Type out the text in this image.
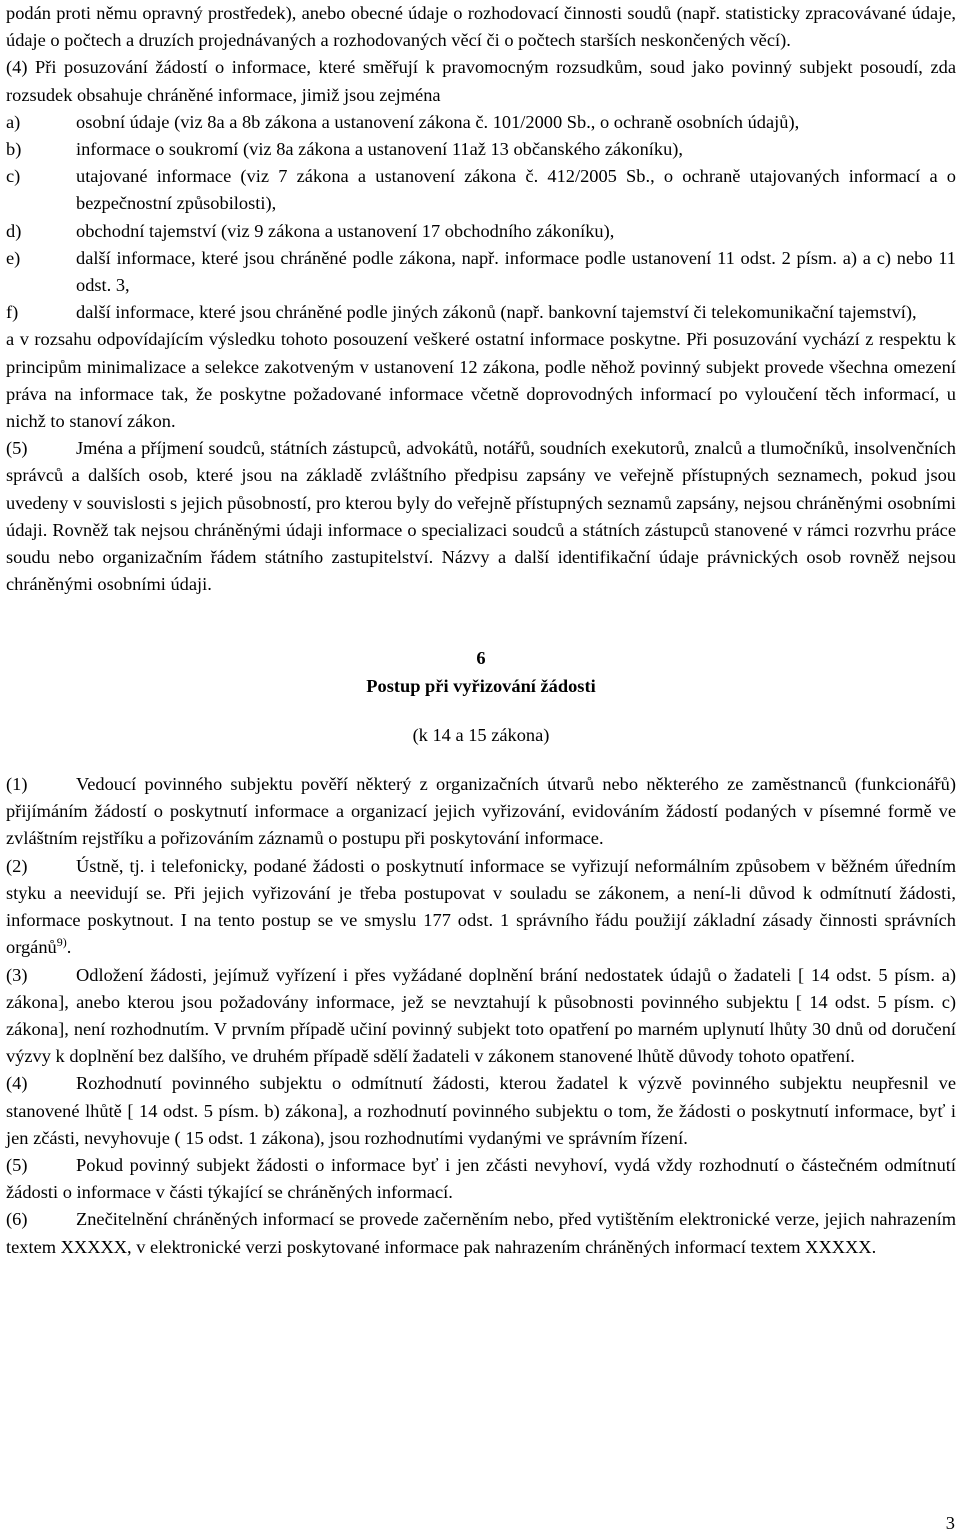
podán proti němu opravný prostředek), anebo obecné údaje o rozhodovací činnosti soudů (např. statisticky zpracovávané údaje, údaje o počtech a druzích projednávaných a rozhodovaných věcí či o počtech starších neskončených věcí).

(4) Při posuzování žádostí o informace, které směřují k pravomocným rozsudkům, soud jako povinný subjekt posoudí, zda rozsudek obsahuje chráněné informace, jimiž jsou zejména

a)	osobní údaje (viz 8a a 8b zákona a ustanovení zákona č. 101/2000 Sb., o ochraně osobních údajů),
b)	informace o soukromí (viz 8a zákona a ustanovení 11až 13 občanského zákoníku),
c)	utajované informace (viz 7 zákona a ustanovení zákona č. 412/2005 Sb., o ochraně utajovaných informací a o bezpečnostní způsobilosti),
d)	obchodní tajemství (viz 9 zákona a ustanovení 17 obchodního zákoníku),
e)	další informace, které jsou chráněné podle zákona, např. informace podle ustanovení 11 odst. 2 písm. a) a c) nebo 11 odst. 3,
f)	další informace, které jsou chráněné podle jiných zákonů (např. bankovní tajemství či telekomunikační tajemství),

a v rozsahu odpovídajícím výsledku tohoto posouzení veškeré ostatní informace poskytne. Při posuzování vychází z respektu k principům minimalizace a selekce zakotveným v ustanovení 12 zákona, podle něhož povinný subjekt provede všechna omezení práva na informace tak, že poskytne požadované informace včetně doprovodných informací po vyloučení těch informací, u nichž to stanoví zákon.

(5)	Jména a příjmení soudců, státních zástupců, advokátů, notářů, soudních exekutorů, znalců a tlumočníků, insolvenčních správců a dalších osob, které jsou na základě zvláštního předpisu zapsány ve veřejně přístupných seznamech, pokud jsou uvedeny v souvislosti s jejich působností, pro kterou byly do veřejně přístupných seznamů zapsány, nejsou chráněnými osobními údaji. Rovněž tak nejsou chráněnými údaji informace o specializaci soudců a státních zástupců stanovené v rámci rozvrhu práce soudu nebo organizačním řádem státního zastupitelství. Názvy a další identifikační údaje právnických osob rovněž nejsou chráněnými osobními údaji.

6

Postup při vyřizování žádosti

(k 14 a 15 zákona)

(1)	Vedoucí povinného subjektu pověří některý z organizačních útvarů nebo některého ze zaměstnanců (funkcionářů) přijímáním žádostí o poskytnutí informace a organizací jejich vyřizování, evidováním žádostí podaných v písemné formě ve zvláštním rejstříku a pořizováním záznamů o postupu při poskytování informace.

(2)	Ústně, tj. i telefonicky, podané žádosti o poskytnutí informace se vyřizují neformálním způsobem v běžném úředním styku a neevidují se. Při jejich vyřizování je třeba postupovat v souladu se zákonem, a není-li důvod k odmítnutí žádosti, informace poskytnout. I na tento postup se ve smyslu 177 odst. 1 správního řádu použijí základní zásady činnosti správních orgánů$^{9)}$.

(3)	Odložení žádosti, jejímuž vyřízení i přes vyžádané doplnění brání nedostatek údajů o žadateli [ 14 odst. 5 písm. a) zákona], anebo kterou jsou požadovány informace, jež se nevztahují k působnosti povinného subjektu [ 14 odst. 5 písm. c) zákona], není rozhodnutím. V prvním případě učiní povinný subjekt toto opatření po marném uplynutí lhůty 30 dnů od doručení výzvy k doplnění bez dalšího, ve druhém případě sdělí žadateli v zákonem stanovené lhůtě důvody tohoto opatření.

(4)	Rozhodnutí povinného subjektu o odmítnutí žádosti, kterou žadatel k výzvě povinného subjektu neupřesnil ve stanovené lhůtě [ 14 odst. 5 písm. b) zákona], a rozhodnutí povinného subjektu o tom, že žádosti o poskytnutí informace, byť i jen zčásti, nevyhovuje ( 15 odst. 1 zákona), jsou rozhodnutími vydanými ve správním řízení.

(5)	Pokud povinný subjekt žádosti o informace byť i jen zčásti nevyhoví, vydá vždy rozhodnutí o částečném odmítnutí žádosti o informace v části týkající se chráněných informací.

(6)	Znečitelnění chráněných informací se provede začerněním nebo, před vytištěním elektronické verze, jejich nahrazením textem XXXXX, v elektronické verzi poskytované informace pak nahrazením chráněných informací textem XXXXX.

3
